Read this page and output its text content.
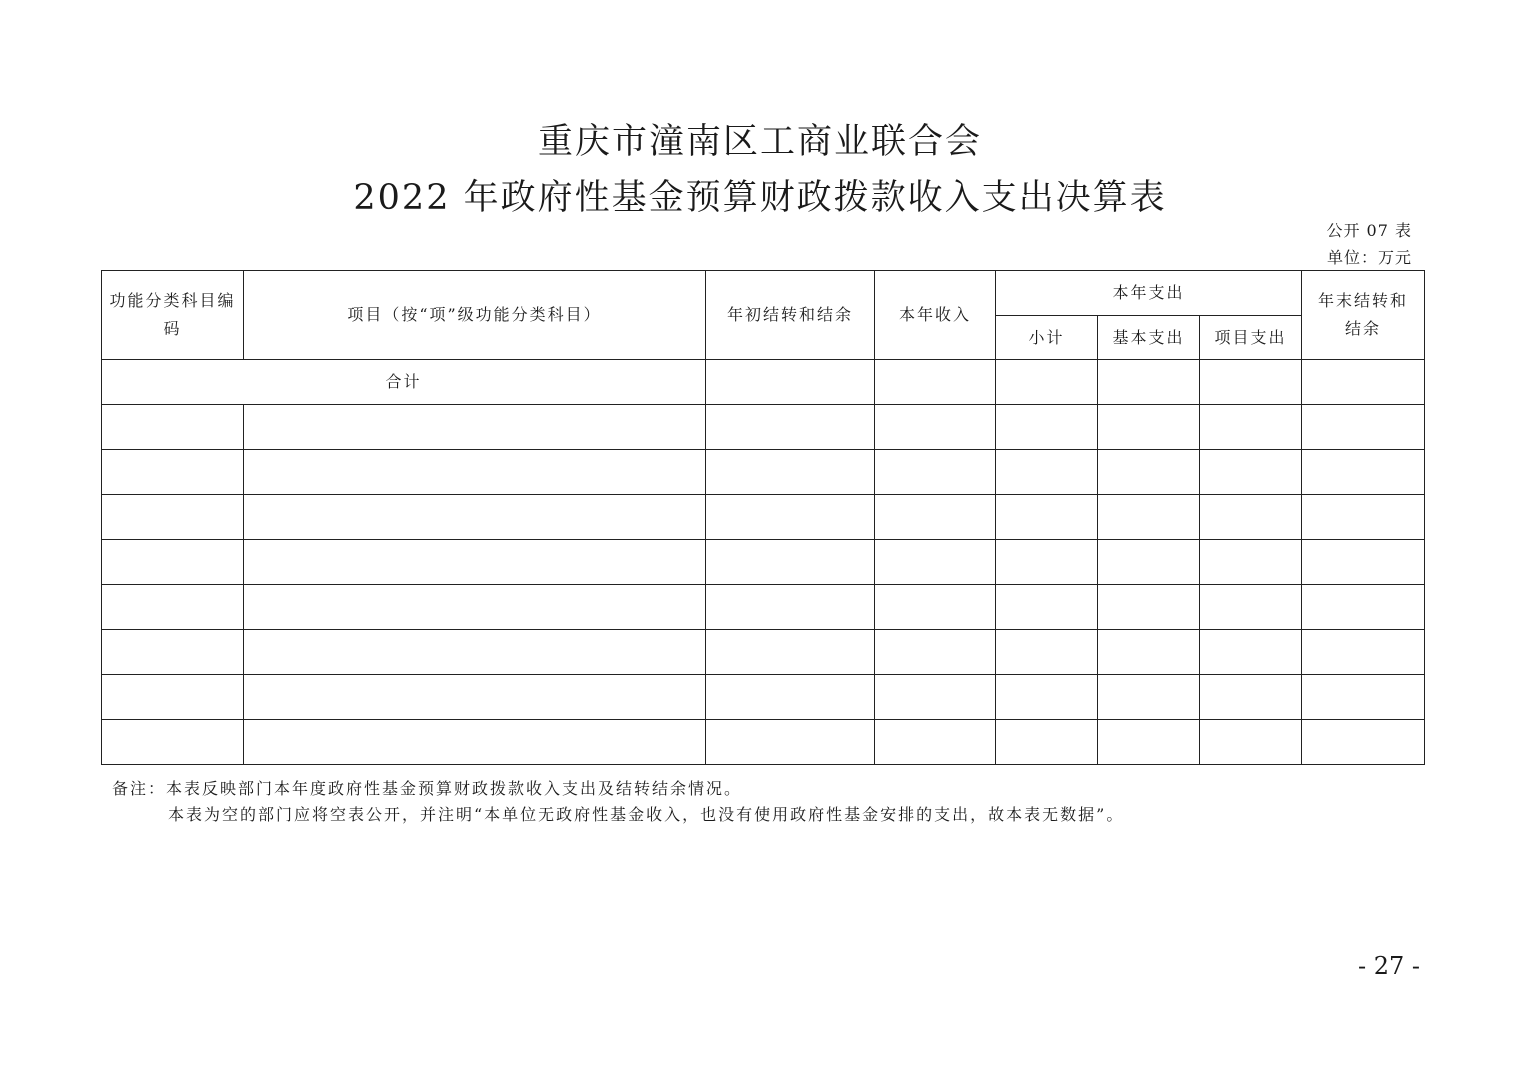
重庆市潼南区工商业联合会
2022 年政府性基金预算财政拨款收入支出决算表
公开 07 表
单位：万元
功能分类科目编码	项目（按“项”级功能分类科目）	年初结转和结余	本年收入	本年支出			年末结转和结余
				小计	基本支出	项目支出	
合计							

备注：本表反映部门本年度政府性基金预算财政拨款收入支出及结转结余情况。
本表为空的部门应将空表公开，并注明“本单位无政府性基金收入，也没有使用政府性基金安排的支出，故本表无数据”。
- 27 -
